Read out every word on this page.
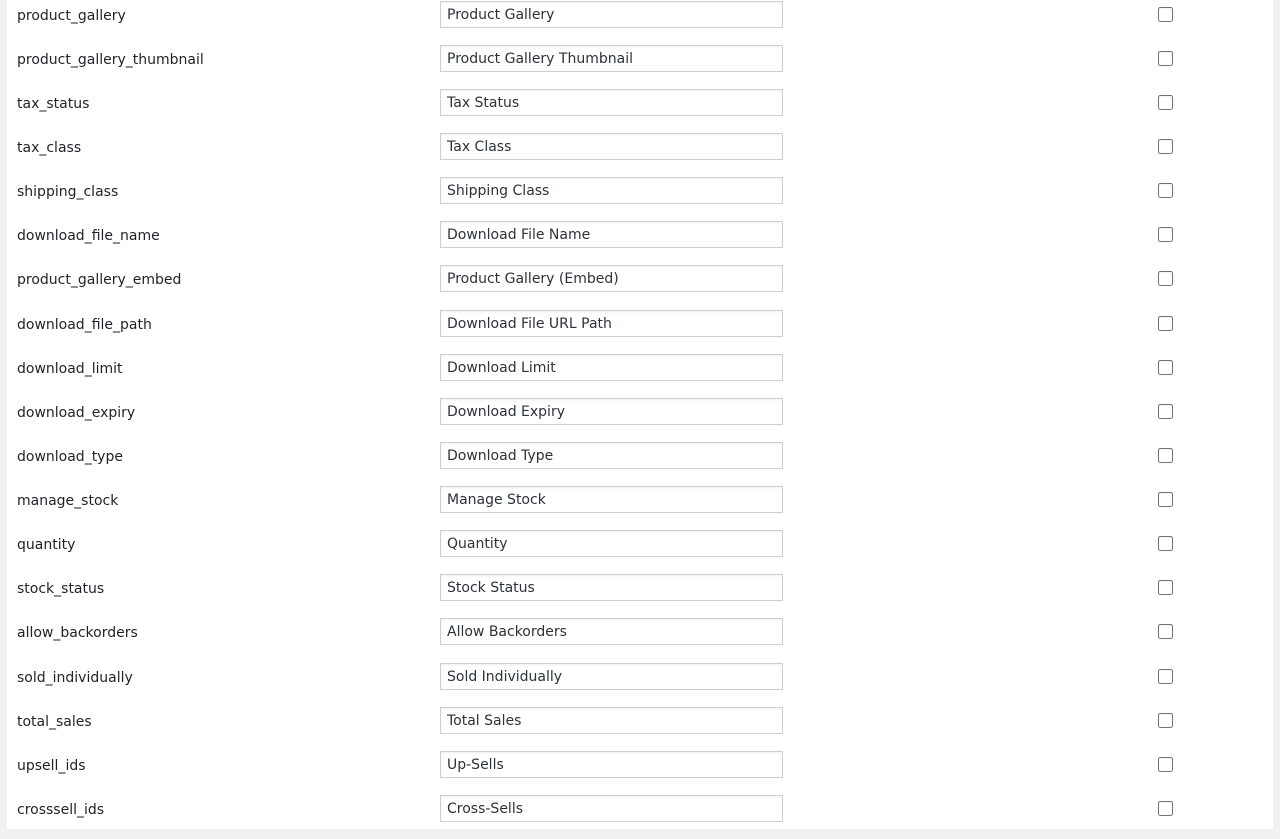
product_gallery
Product Gallery
product_gallery_thumbnail
Product Gallery Thumbnail
tax_status
Tax Status
tax_class
Tax Class
shipping_class
Shipping Class
download_file_name
Download File Name
product_gallery_embed
Product Gallery (Embed)
download_file_path
Download File URL Path
download_limit
Download Limit
download_expiry
Download Expiry
download_type
Download Type
manage_stock
Manage Stock
quantity
Quantity
stock_status
Stock Status
allow_backorders
Allow Backorders
sold_individually
Sold Individually
total_sales
Total Sales
upsell_ids
Up-Sells
crosssell_ids
Cross-Sells
